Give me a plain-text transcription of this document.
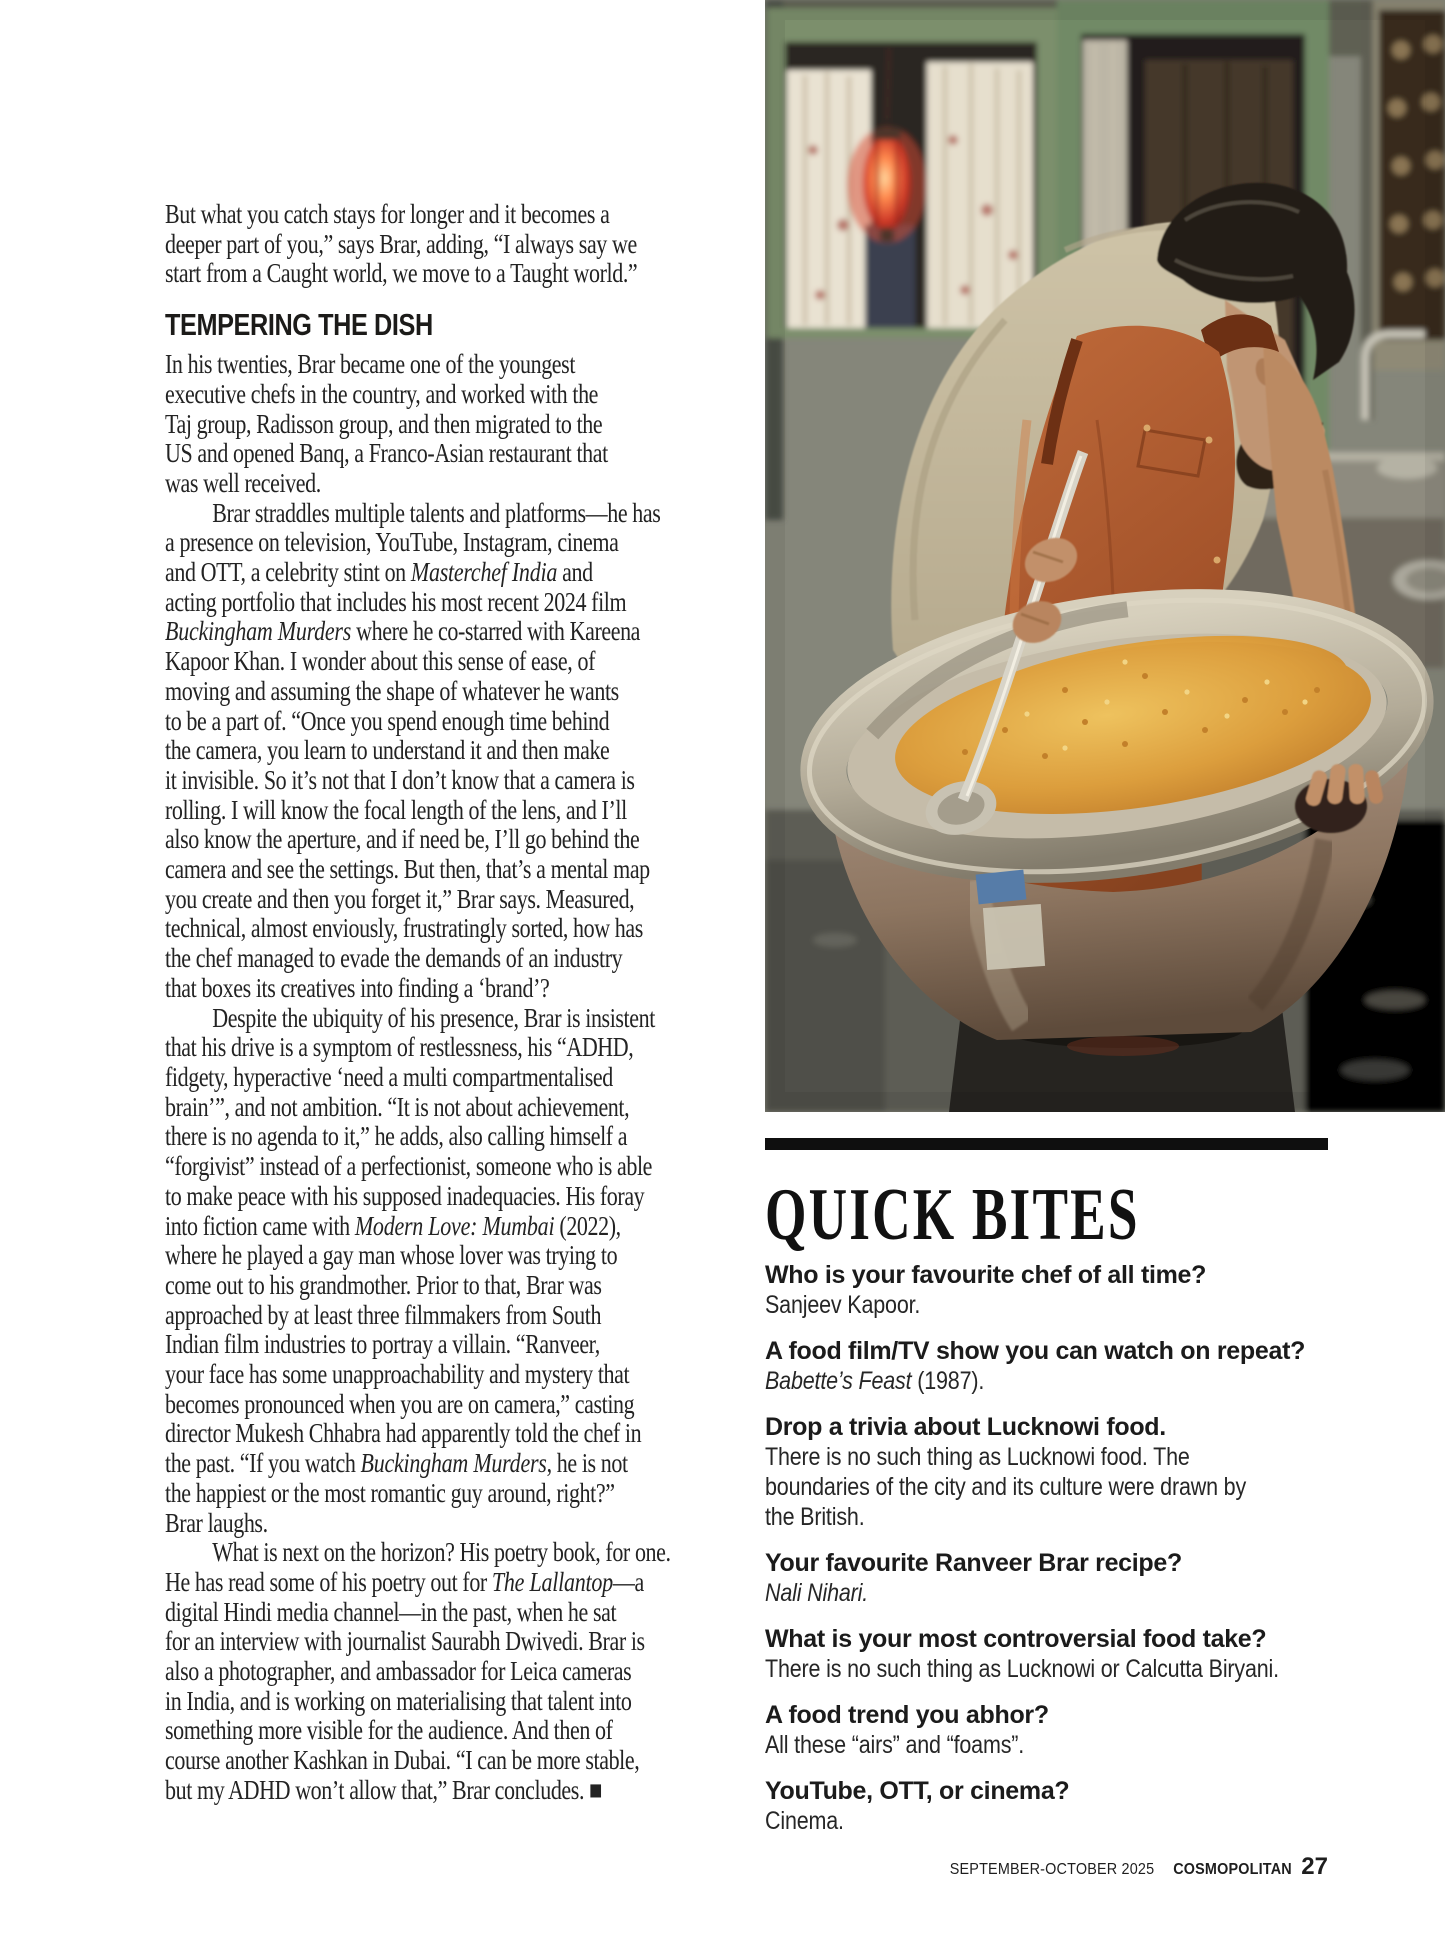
But what you catch stays for longer and it becomes a
deeper part of you,” says Brar, adding, “I always say we
start from a Caught world, we move to a Taught world.”
TEMPERING THE DISH
In his twenties, Brar became one of the youngest
executive chefs in the country, and worked with the
Taj group, Radisson group, and then migrated to the
US and opened Banq, a Franco-Asian restaurant that
was well received.
Brar straddles multiple talents and platforms—he has
a presence on television, YouTube, Instagram, cinema
and OTT, a celebrity stint on Masterchef India and
acting portfolio that includes his most recent 2024 film
Buckingham Murders where he co-starred with Kareena
Kapoor Khan. I wonder about this sense of ease, of
moving and assuming the shape of whatever he wants
to be a part of. “Once you spend enough time behind
the camera, you learn to understand it and then make
it invisible. So it’s not that I don’t know that a camera is
rolling. I will know the focal length of the lens, and I’ll
also know the aperture, and if need be, I’ll go behind the
camera and see the settings. But then, that’s a mental map
you create and then you forget it,” Brar says. Measured,
technical, almost enviously, frustratingly sorted, how has
the chef managed to evade the demands of an industry
that boxes its creatives into finding a ‘brand’?
Despite the ubiquity of his presence, Brar is insistent
that his drive is a symptom of restlessness, his “ADHD,
fidgety, hyperactive ‘need a multi compartmentalised
brain’”, and not ambition. “It is not about achievement,
there is no agenda to it,” he adds, also calling himself a
“forgivist” instead of a perfectionist, someone who is able
to make peace with his supposed inadequacies. His foray
into fiction came with Modern Love: Mumbai (2022),
where he played a gay man whose lover was trying to
come out to his grandmother. Prior to that, Brar was
approached by at least three filmmakers from South
Indian film industries to portray a villain. “Ranveer,
your face has some unapproachability and mystery that
becomes pronounced when you are on camera,” casting
director Mukesh Chhabra had apparently told the chef in
the past. “If you watch Buckingham Murders, he is not
the happiest or the most romantic guy around, right?”
Brar laughs.
What is next on the horizon? His poetry book, for one.
He has read some of his poetry out for The Lallantop—a
digital Hindi media channel—in the past, when he sat
for an interview with journalist Saurabh Dwivedi. Brar is
also a photographer, and ambassador for Leica cameras
in India, and is working on materialising that talent into
something more visible for the audience. And then of
course another Kashkan in Dubai. “I can be more stable,
but my ADHD won’t allow that,” Brar concludes. ■
QUICK BITES
Who is your favourite chef of all time?
Sanjeev Kapoor.
A food film/TV show you can watch on repeat?
Babette’s Feast (1987).
Drop a trivia about Lucknowi food.
There is no such thing as Lucknowi food. The
boundaries of the city and its culture were drawn by
the British.
Your favourite Ranveer Brar recipe?
Nali Nihari.
What is your most controversial food take?
There is no such thing as Lucknowi or Calcutta Biryani.
A food trend you abhor?
All these “airs” and “foams”.
YouTube, OTT, or cinema?
Cinema.
SEPTEMBER-OCTOBER 2025 COSMOPOLITAN 27
